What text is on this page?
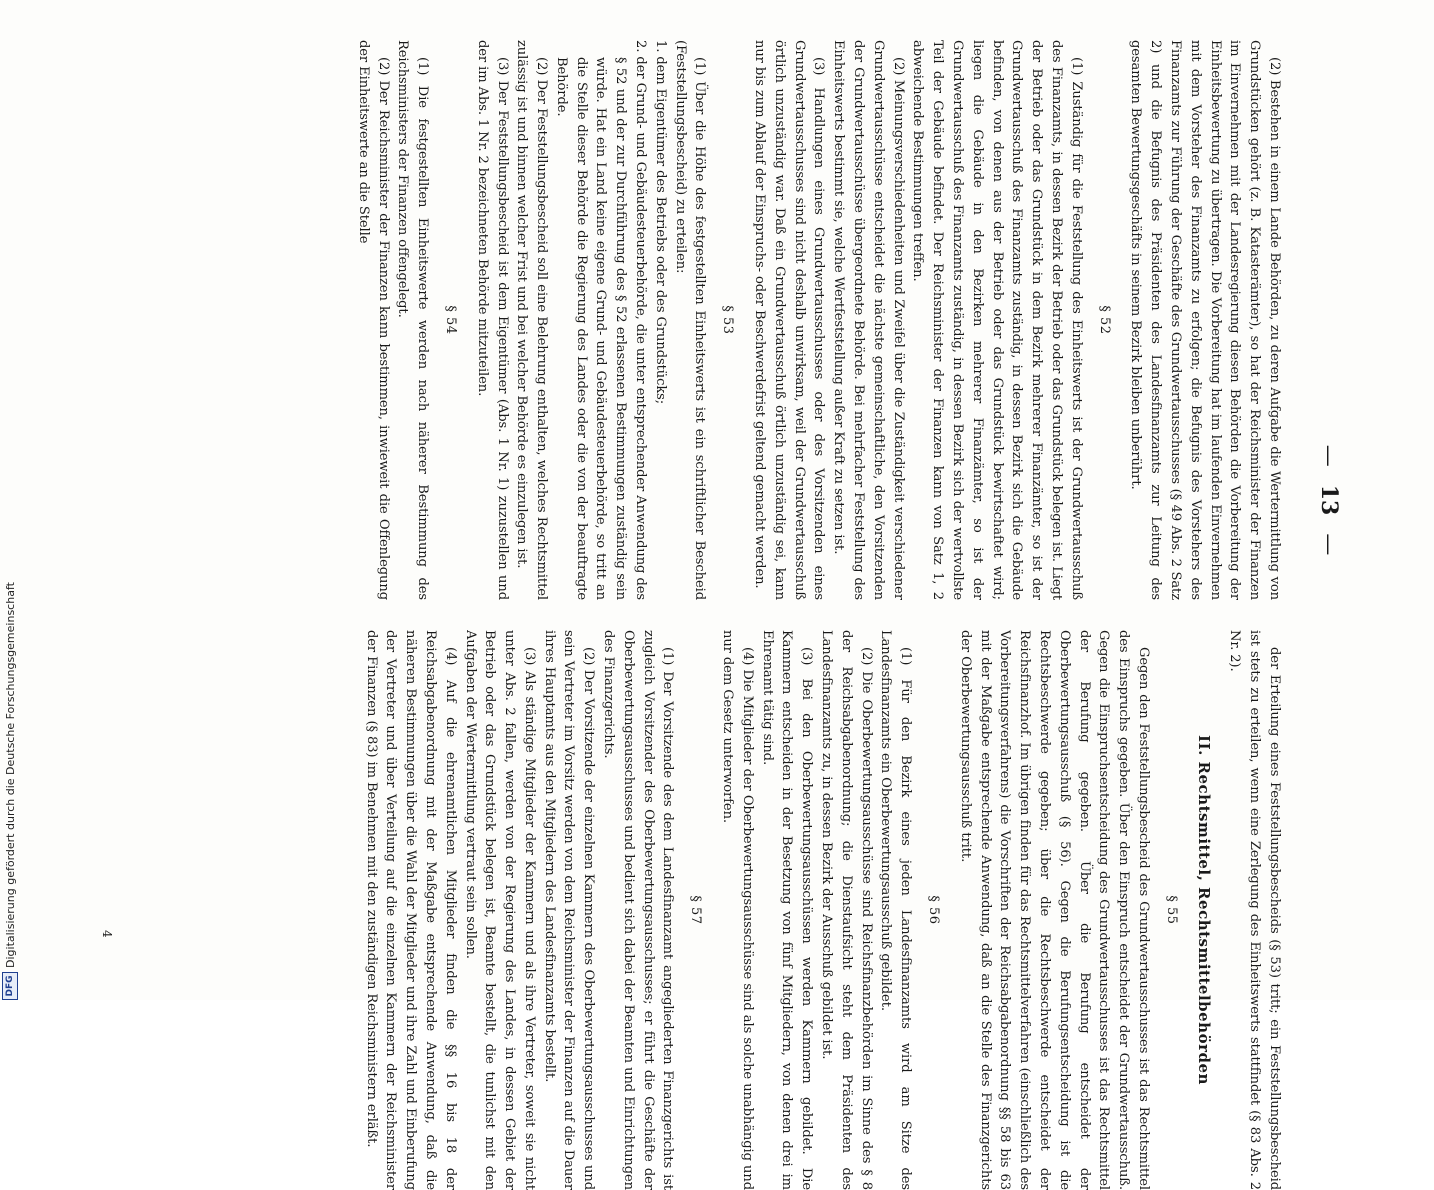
—
13
—

(2) Bestehen in einem Lande Behörden, zu deren Aufgabe die Wertermittlung von Grundstücken gehört (z. B. Katasterämter), so hat der Reichsminister der Finanzen im Einvernehmen mit der Landesregierung diesen Behörden die Vorbereitung der Einheitsbewertung zu übertragen. Die Vorbereitung hat im laufenden Einvernehmen mit dem Vorsteher des Finanzamts zu erfolgen; die Befugnis des Vorstehers des Finanzamts zur Führung der Geschäfte des Grundwertausschusses (§ 49 Abs. 2 Satz 2) und die Befugnis des Präsidenten des Landesfinanzamts zur Leitung des gesamten Bewertungsgeschäfts in seinem Bezirk bleiben unberührt.

§ 52

(1) Zuständig für die Feststellung des Einheitswerts ist der Grundwertausschuß des Finanzamts, in dessen Bezirk der Betrieb oder das Grundstück belegen ist. Liegt der Betrieb oder das Grundstück in dem Bezirk mehrerer Finanzämter, so ist der Grundwertausschuß des Finanzamts zuständig, in dessen Bezirk sich die Gebäude befinden, von denen aus der Betrieb oder das Grundstück bewirtschaftet wird; liegen die Gebäude in den Bezirken mehrerer Finanzämter, so ist der Grundwertausschuß des Finanzamts zuständig, in dessen Bezirk sich der wertvollste Teil der Gebäude befindet. Der Reichsminister der Finanzen kann von Satz 1, 2 abweichende Bestimmungen treffen.

(2) Meinungsverschiedenheiten und Zweifel über die Zuständigkeit verschiedener Grundwertausschüsse entscheidet die nächste gemeinschaftliche, den Vorsitzenden der Grundwertausschüsse übergeordnete Behörde. Bei mehrfacher Feststellung des Einheitswerts bestimmt sie, welche Wertfeststellung außer Kraft zu setzen ist.

(3) Handlungen eines Grundwertausschusses oder des Vorsitzenden eines Grundwertausschusses sind nicht deshalb unwirksam, weil der Grundwertausschuß örtlich unzuständig war. Daß ein Grundwertausschuß örtlich unzuständig sei, kann nur bis zum Ablauf der Einspruchs- oder Beschwerdefrist geltend gemacht werden.

§ 53

(1) Über die Höhe des festgestellten Einheitswerts ist ein schriftlicher Bescheid (Feststellungsbescheid) zu erteilen:

1. dem Eigentümer des Betriebs oder des Grundstücks;

2. der Grund- und Gebäudesteuerbehörde, die unter entsprechender Anwendung des § 52 und der zur Durchführung des § 52 erlassenen Bestimmungen zuständig sein würde. Hat ein Land keine eigene Grund- und Gebäudesteuerbehörde, so tritt an die Stelle dieser Behörde die Regierung des Landes oder die von der beauftragte Behörde.

(2) Der Feststellungsbescheid soll eine Belehrung enthalten, welches Rechtsmittel zulässig ist und binnen welcher Frist und bei welcher Behörde es einzulegen ist.

(3) Der Feststellungsbescheid ist dem Eigentümer (Abs. 1 Nr. 1) zuzustellen und der im Abs. 1 Nr. 2 bezeichneten Behörde mitzuteilen.

§ 54

(1) Die festgestellten Einheitswerte werden nach näherer Bestimmung des Reichsministers der Finanzen offengelegt.

(2) Der Reichsminister der Finanzen kann bestimmen, inwieweit die Offenlegung der Einheitswerte an die Stelle

der Erteilung eines Feststellungsbescheids (§ 53) tritt; ein Feststellungsbescheid ist stets zu erteilen, wenn eine Zerlegung des Einheitswerts stattfindet (§ 83 Abs. 2 Nr. 2).

II. Rechtsmittel, Rechtsmittelbehörden

§ 55

Gegen den Feststellungsbescheid des Grundwertausschusses ist das Rechtsmittel des Einspruchs gegeben. Über den Einspruch entscheidet der Grundwertausschuß. Gegen die Einspruchsentscheidung des Grundwertausschusses ist das Rechtsmittel der Berufung gegeben. Über die Berufung entscheidet der Oberbewertungsausschuß (§ 56). Gegen die Berufungsentscheidung ist die Rechtsbeschwerde gegeben; über die Rechtsbeschwerde entscheidet der Reichsfinanzhof. Im übrigen finden für das Rechtsmittelverfahren (einschließlich des Vorbereitungsverfahrens) die Vorschriften der Reichsabgabenordnung §§ 58 bis 63 mit der Maßgabe entsprechende Anwendung, daß an die Stelle des Finanzgerichts der Oberbewertungsausschuß tritt.

§ 56

(1) Für den Bezirk eines jeden Landesfinanzamts wird am Sitze des Landesfinanzamts ein Oberbewertungsausschuß gebildet.

(2) Die Oberbewertungsausschüsse sind Reichsfinanzbehörden im Sinne des § 8 der Reichsabgabenordnung; die Dienstaufsicht steht dem Präsidenten des Landesfinanzamts zu, in dessen Bezirk der Ausschuß gebildet ist.

(3) Bei den Oberbewertungsausschüssen werden Kammern gebildet. Die Kammern entscheiden in der Besetzung von fünf Mitgliedern, von denen drei im Ehrenamt tätig sind.

(4) Die Mitglieder der Oberbewertungsausschüsse sind als solche unabhängig und nur dem Gesetz unterworfen.

§ 57

(1) Der Vorsitzende des dem Landesfinanzamt angegliederten Finanzgerichts ist zugleich Vorsitzender des Oberbewertungsausschusses; er führt die Geschäfte der Oberbewertungsausschusses und bedient sich dabei der Beamten und Einrichtungen des Finanzgerichts.

(2) Der Vorsitzende der einzelnen Kammern des Oberbewertungsausschusses und sein Vertreter im Vorsitz werden von dem Reichsminister der Finanzen auf die Dauer ihres Hauptamts aus den Mitgliedern des Landesfinanzamts bestellt.

(3) Als ständige Mitglieder der Kammern und als ihre Vertreter, soweit sie nicht unter Abs. 2 fallen, werden von der Regierung des Landes, in dessen Gebiet der Betrieb oder das Grundstück belegen ist, Beamte bestellt, die tunlichst mit den Aufgaben der Wertermittlung vertraut sein sollen.

(4) Auf die ehrenamtlichen Mitglieder finden die §§ 16 bis 18 der Reichsabgabenordnung mit der Maßgabe entsprechende Anwendung, daß die näheren Bestimmungen über die Wahl der Mitglieder und ihre Zahl und Einberufung der Vertreter und über Verteilung auf die einzelnen Kammern der Reichsminister der Finanzen (§ 83) im Benehmen mit den zuständigen Reichsministern erläßt.

4
DFG
Digitalisierung gefördert durch die Deutsche Forschungsgemeinschaft
